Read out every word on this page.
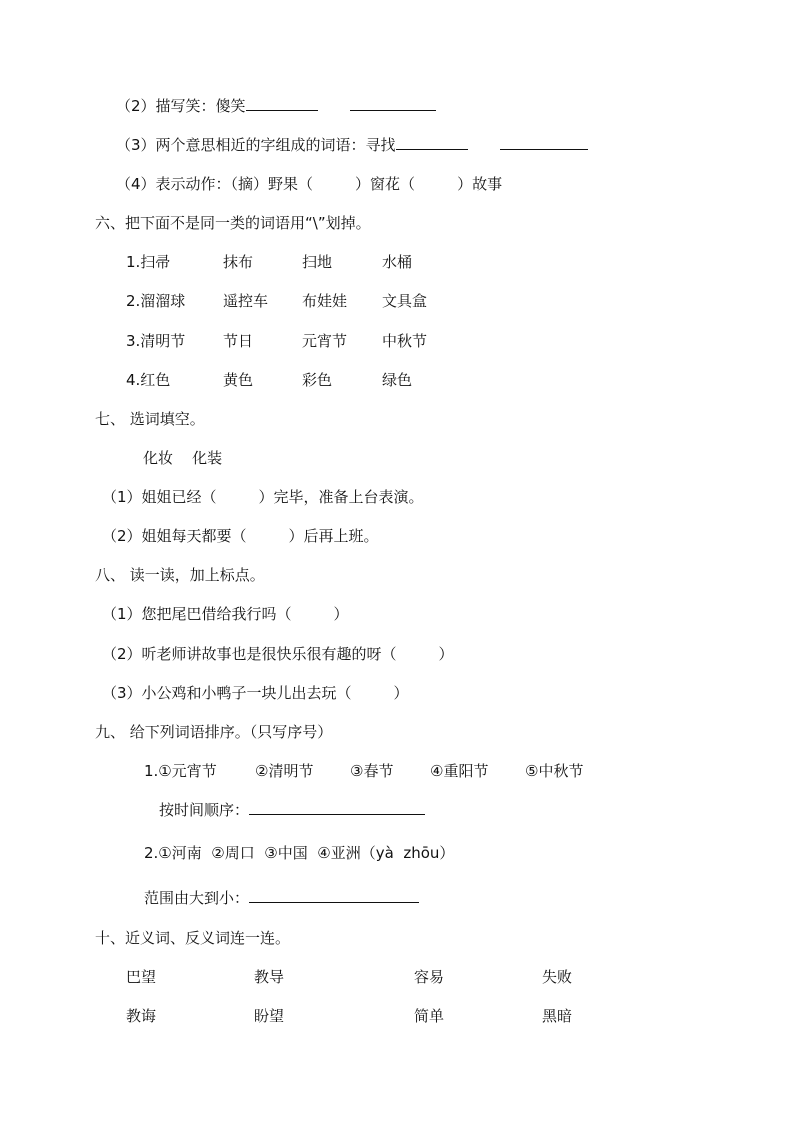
（2）描写笑：傻笑
（3）两个意思相近的字组成的词语：寻找
（4）表示动作：（摘）野果（	）窗花（	）故事
六、把下面不是同一类的词语用“\”划掉。
1.扫帚	抹布	扫地	水桶
2.溜溜球	遥控车 布娃娃 文具盒
3.清明节	节日	元宵节 中秋节
4.红色	黄色	彩色	绿色
七、 选词填空。
化妆    化装
（1）姐姐已经（	）完毕，准备上台表演。
（2）姐姐每天都要（	）后再上班。
八、 读一读，加上标点。
（1）您把尾巴借给我行吗（	）
（2）听老师讲故事也是很快乐很有趣的呀（	）
（3）小公鸡和小鸭子一块儿出去玩（	）
九、 给下列词语排序。（只写序号）
1.①元宵节	②清明节 ③春节 ④重阳节 ⑤中秋节
按时间顺序：
2.①河南  ②周口  ③中国  ④亚洲（yà  zhōu）
范围由大到小：
十、近义词、反义词连一连。
巴望	教导	容易	失败
教诲	盼望	简单	黑暗
